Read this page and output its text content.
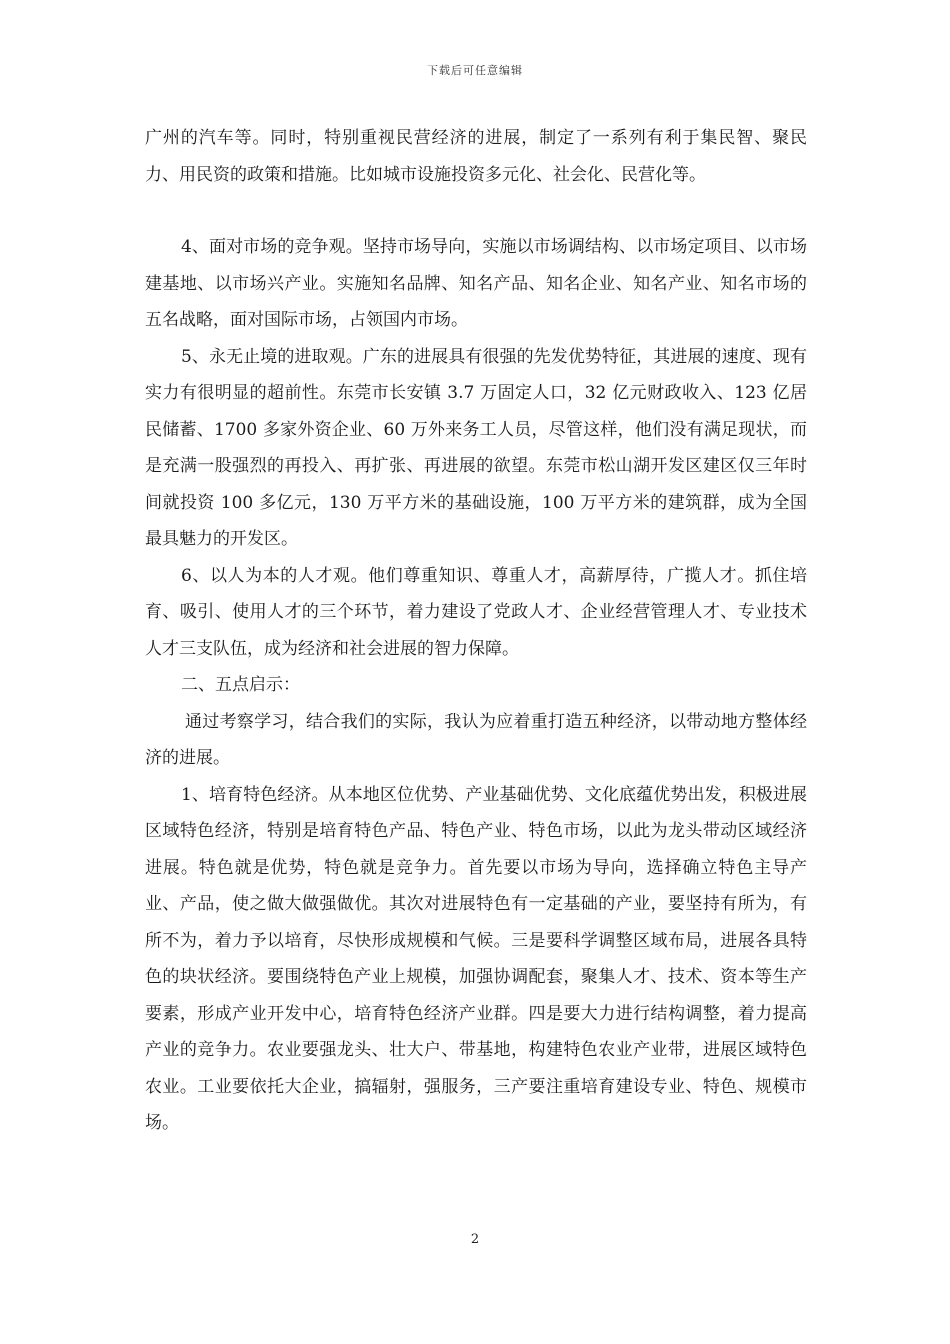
下载后可任意编辑

广州的汽车等。同时，特别重视民营经济的进展，制定了一系列有利于集民智、聚民力、用民资的政策和措施。比如城市设施投资多元化、社会化、民营化等。

4、面对市场的竞争观。坚持市场导向，实施以市场调结构、以市场定项目、以市场建基地、以市场兴产业。实施知名品牌、知名产品、知名企业、知名产业、知名市场的五名战略，面对国际市场，占领国内市场。

5、永无止境的进取观。广东的进展具有很强的先发优势特征，其进展的速度、现有实力有很明显的超前性。东莞市长安镇 3.7 万固定人口，32 亿元财政收入、123 亿居民储蓄、1700 多家外资企业、60 万外来务工人员，尽管这样，他们没有满足现状，而是充满一股强烈的再投入、再扩张、再进展的欲望。东莞市松山湖开发区建区仅三年时间就投资 100 多亿元，130 万平方米的基础设施，100 万平方米的建筑群，成为全国最具魅力的开发区。

6、以人为本的人才观。他们尊重知识、尊重人才，高薪厚待，广揽人才。抓住培育、吸引、使用人才的三个环节，着力建设了党政人才、企业经营管理人才、专业技术人才三支队伍，成为经济和社会进展的智力保障。

二、五点启示：

通过考察学习，结合我们的实际，我认为应着重打造五种经济，以带动地方整体经济的进展。

1、培育特色经济。从本地区位优势、产业基础优势、文化底蕴优势出发，积极进展区域特色经济，特别是培育特色产品、特色产业、特色市场，以此为龙头带动区域经济进展。特色就是优势，特色就是竞争力。首先要以市场为导向，选择确立特色主导产业、产品，使之做大做强做优。其次对进展特色有一定基础的产业，要坚持有所为，有所不为，着力予以培育，尽快形成规模和气候。三是要科学调整区域布局，进展各具特色的块状经济。要围绕特色产业上规模，加强协调配套，聚集人才、技术、资本等生产要素，形成产业开发中心，培育特色经济产业群。四是要大力进行结构调整，着力提高产业的竞争力。农业要强龙头、壮大户、带基地，构建特色农业产业带，进展区域特色农业。工业要依托大企业，搞辐射，强服务，三产要注重培育建设专业、特色、规模市场。

2
